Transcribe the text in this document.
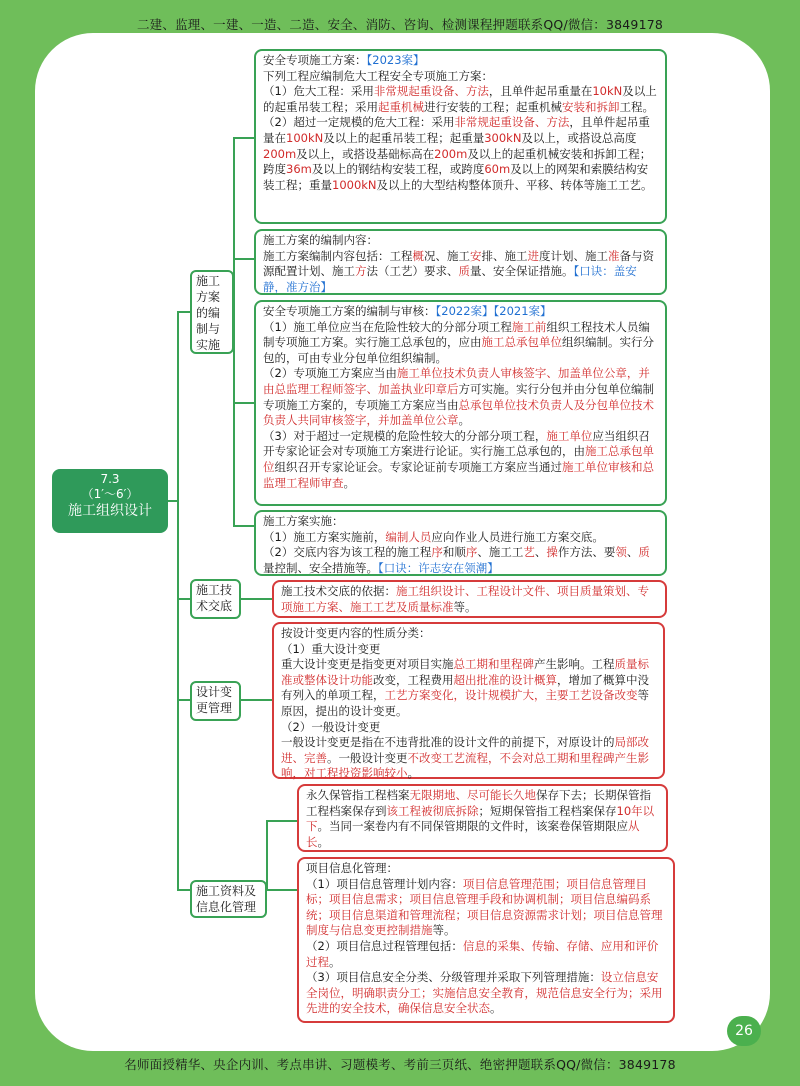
二建、监理、一建、一造、二造、安全、消防、咨询、检测课程押题联系QQ/微信：3849178
7.3
（1′～6′）
施工组织设计
施工方案的编制与实施
施工技术交底
设计变更管理
施工资料及信息化管理

安全专项施工方案：【2023案】

下列工程应编制危大工程安全专项施工方案：

（1）危大工程：采用非常规起重设备、方法，且单件起吊重量在10kN及以上的起重吊装工程；采用起重机械进行安装的工程；起重机械安装和拆卸工程。

（2）超过一定规模的危大工程：采用非常规起重设备、方法，且单件起吊重量在100kN及以上的起重吊装工程；起重量300kN及以上，或搭设总高度200m及以上，或搭设基础标高在200m及以上的起重机械安装和拆卸工程；跨度36m及以上的钢结构安装工程，或跨度60m及以上的网架和索膜结构安装工程；重量1000kN及以上的大型结构整体顶升、平移、转体等施工工艺。

施工方案的编制内容：

施工方案编制内容包括：工程概况、施工安排、施工进度计划、施工准备与资源配置计划、施工方法（工艺）要求、质量、安全保证措施。【口诀：盖安静，准方治】

安全专项施工方案的编制与审核：【2022案】【2021案】

（1）施工单位应当在危险性较大的分部分项工程施工前组织工程技术人员编制专项施工方案。实行施工总承包的，应由施工总承包单位组织编制。实行分包的，可由专业分包单位组织编制。

（2）专项施工方案应当由施工单位技术负责人审核签字、加盖单位公章，并由总监理工程师签字、加盖执业印章后方可实施。实行分包并由分包单位编制专项施工方案的，专项施工方案应当由总承包单位技术负责人及分包单位技术负责人共同审核签字，并加盖单位公章。

（3）对于超过一定规模的危险性较大的分部分项工程，施工单位应当组织召开专家论证会对专项施工方案进行论证。实行施工总承包的，由施工总承包单位组织召开专家论证会。专家论证前专项施工方案应当通过施工单位审核和总监理工程师审查。

施工方案实施：

（1）施工方案实施前，编制人员应向作业人员进行施工方案交底。

（2）交底内容为该工程的施工程序和顺序、施工工艺、操作方法、要领、质量控制、安全措施等。【口诀：许志安在领潮】

施工技术交底的依据：施工组织设计、工程设计文件、项目质量策划、专项施工方案、施工工艺及质量标准等。

按设计变更内容的性质分类：

（1）重大设计变更

重大设计变更是指变更对项目实施总工期和里程碑产生影响。工程质量标准或整体设计功能改变，工程费用超出批准的设计概算，增加了概算中没有列入的单项工程，工艺方案变化，设计规模扩大，主要工艺设备改变等原因，提出的设计变更。

（2）一般设计变更

一般设计变更是指在不违背批准的设计文件的前提下，对原设计的局部改进、完善。一般设计变更不改变工艺流程，不会对总工期和里程碑产生影响，对工程投资影响较小。

永久保管指工程档案无限期地、尽可能长久地保存下去；长期保管指工程档案保存到该工程被彻底拆除；短期保管指工程档案保存10年以下。当同一案卷内有不同保管期限的文件时，该案卷保管期限应从长。

项目信息化管理：

（1）项目信息管理计划内容：项目信息管理范围；项目信息管理目标；项目信息需求；项目信息管理手段和协调机制；项目信息编码系统；项目信息渠道和管理流程；项目信息资源需求计划；项目信息管理制度与信息变更控制措施等。

（2）项目信息过程管理包括：信息的采集、传输、存储、应用和评价过程。

（3）项目信息安全分类、分级管理并采取下列管理措施：设立信息安全岗位，明确职责分工；实施信息安全教育，规范信息安全行为；采用先进的安全技术，确保信息安全状态。

26
名师面授精华、央企内训、考点串讲、习题模考、考前三页纸、绝密押题联系QQ/微信：3849178
